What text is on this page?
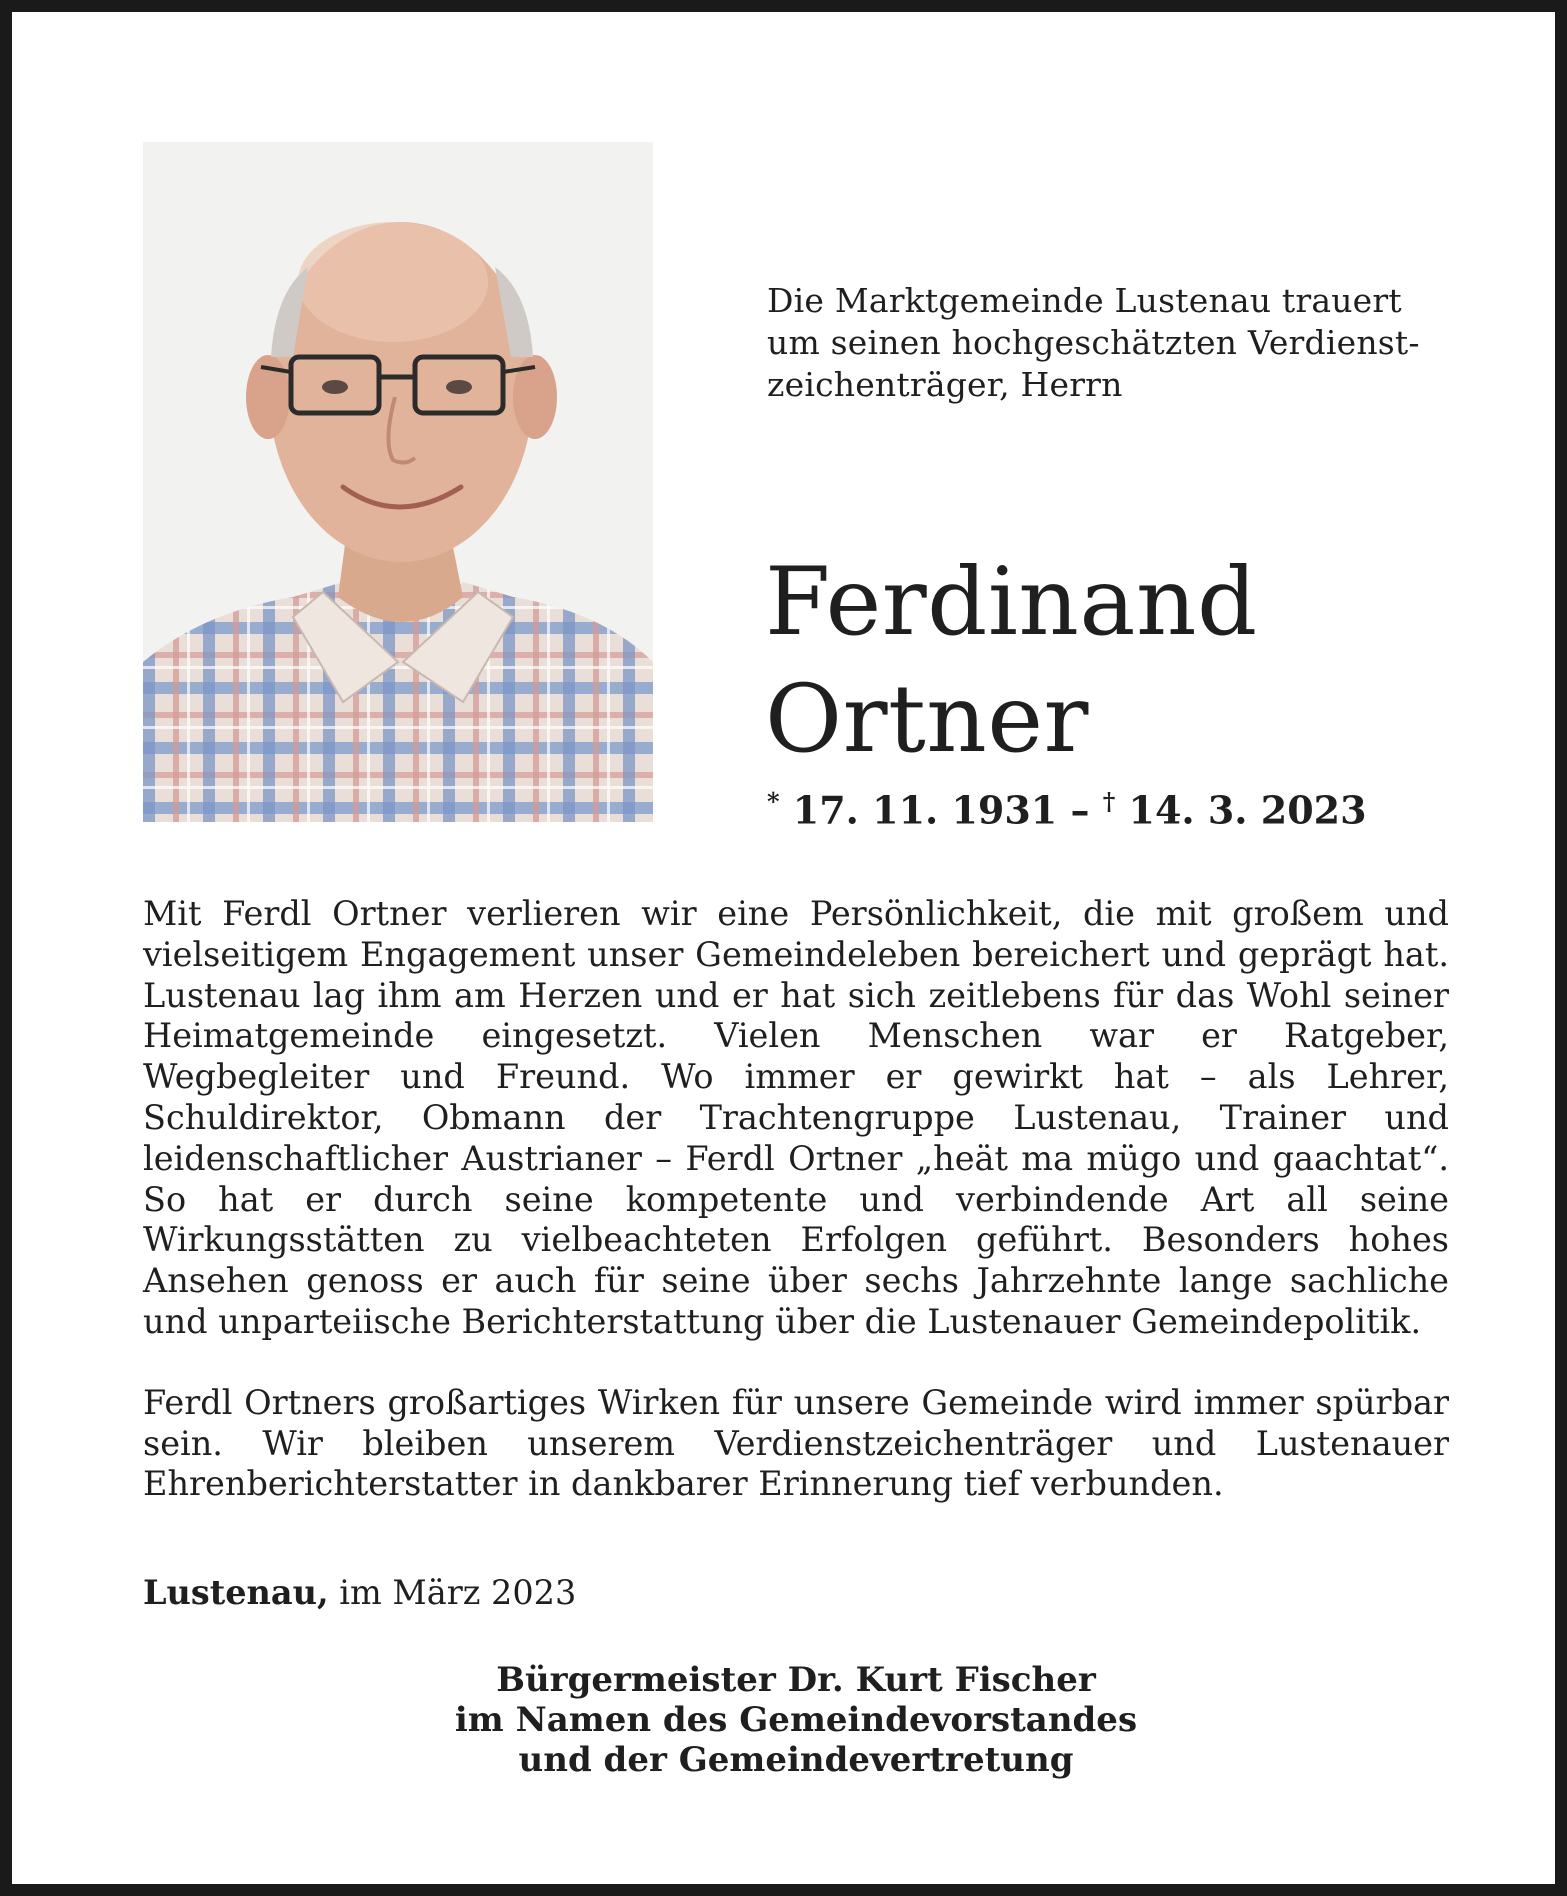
Die Marktgemeinde Lustenau trauert
um seinen hochgeschätzten Verdienst-
zeichenträger, Herrn
Ferdinand
Ortner
* 17. 11. 1931 – † 14. 3. 2023

Mit Ferdl Ortner verlieren wir eine Persönlichkeit, die mit großem und vielseitigem Engagement unser Gemeindeleben bereichert und geprägt hat. Lustenau lag ihm am Herzen und er hat sich zeitlebens für das Wohl seiner Heimatgemeinde eingesetzt. Vielen Menschen war er Ratgeber, Wegbegleiter und Freund. Wo immer er gewirkt hat – als Lehrer, Schuldirektor, Obmann der Trachtengruppe Lustenau, Trainer und leidenschaftlicher Austrianer – Ferdl Ortner „heät ma mügo und gaachtat“. So hat er durch seine kompetente und verbindende Art all seine Wirkungsstätten zu vielbeachteten Erfolgen geführt. Besonders hohes Ansehen genoss er auch für seine über sechs Jahrzehnte lange sachliche und unparteiische Berichterstattung über die Lustenauer Gemeindepolitik.

Ferdl Ortners großartiges Wirken für unsere Gemeinde wird immer spürbar sein. Wir bleiben unserem Verdienstzeichenträger und Lustenauer Ehrenberichterstatter in dankbarer Erinnerung tief verbunden.

Lustenau, im März 2023
Bürgermeister Dr. Kurt Fischer
im Namen des Gemeindevorstandes
und der Gemeindevertretung
